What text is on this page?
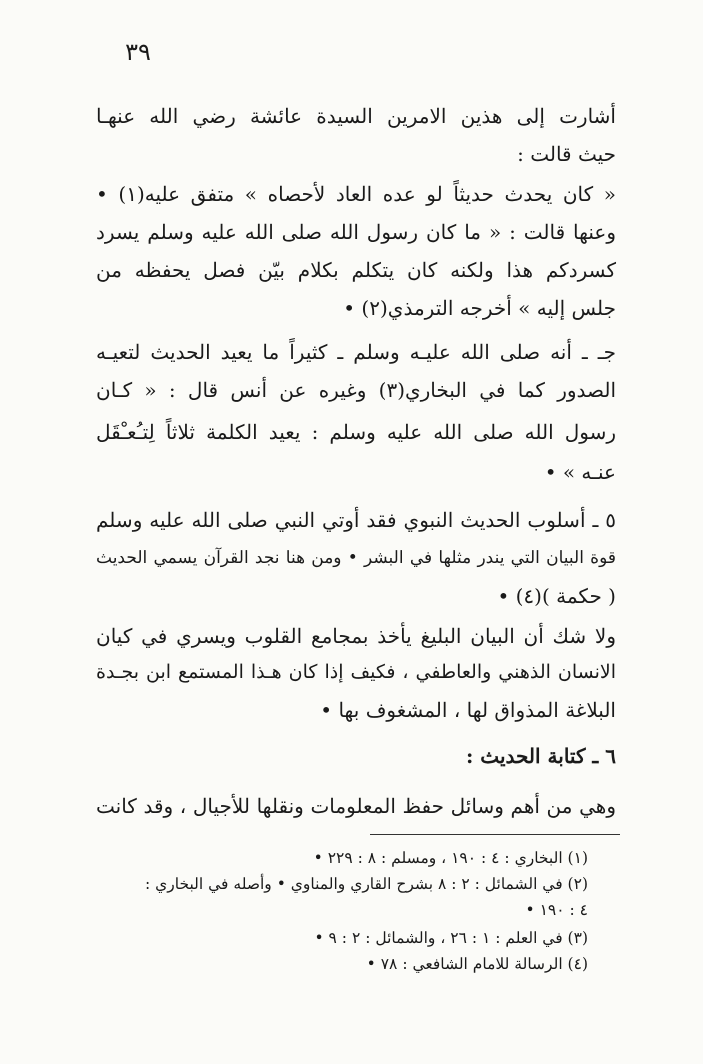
٣٩
أشارت إلى هذين الامرين السيدة عائشة رضي الله عنهـا
حيث قالت :
« كان يحدث حديثاً لو عده العاد لأحصاه » متفق عليه(١) •
وعنها قالت : « ما كان رسول الله صلى الله عليه وسلم يسرد
كسردكم هذا ولكنه كان يتكلم بكلام بيّن فصل يحفظه من
جلس إليه » أخرجه الترمذي(٢) •
جـ ـ أنه صلى الله عليـه وسلم ـ كثيراً ما يعيد الحديث لتعيـه
الصدور كما في البخاري(٣) وغيره عن أنس قال : « كـان
رسول الله صلى الله عليه وسلم : يعيد الكلمة ثلاثاً لِتـُعـْقَل
عنـه » •
٥ ـ أسلوب الحديث النبوي فقد أوتي النبي صلى الله عليه وسلم
قوة البيان التي يندر مثلها في البشر • ومن هنا نجد القرآن يسمي الحديث
( حكمة )(٤) •
ولا شك أن البيان البليغ يأخذ بمجامع القلوب ويسري في كيان
الانسان الذهني والعاطفي ، فكيف إذا كان هـذا المستمع ابن بجـدة
البلاغة المذواق لها ، المشغوف بها •
٦ ـ كتابة الحديث :
وهي من أهم وسائل حفظ المعلومات ونقلها للأجيال ، وقد كانت
(١) البخاري : ٤ : ١٩٠ ، ومسلم : ٨ : ٢٢٩ •
(٢) في الشمائل : ٢ : ٨ بشرح القاري والمناوي • وأصله في البخاري :
٤ : ١٩٠ •
(٣) في العلم : ١ : ٢٦ ، والشمائل : ٢ : ٩ •
(٤) الرسالة للامام الشافعي : ٧٨ •
